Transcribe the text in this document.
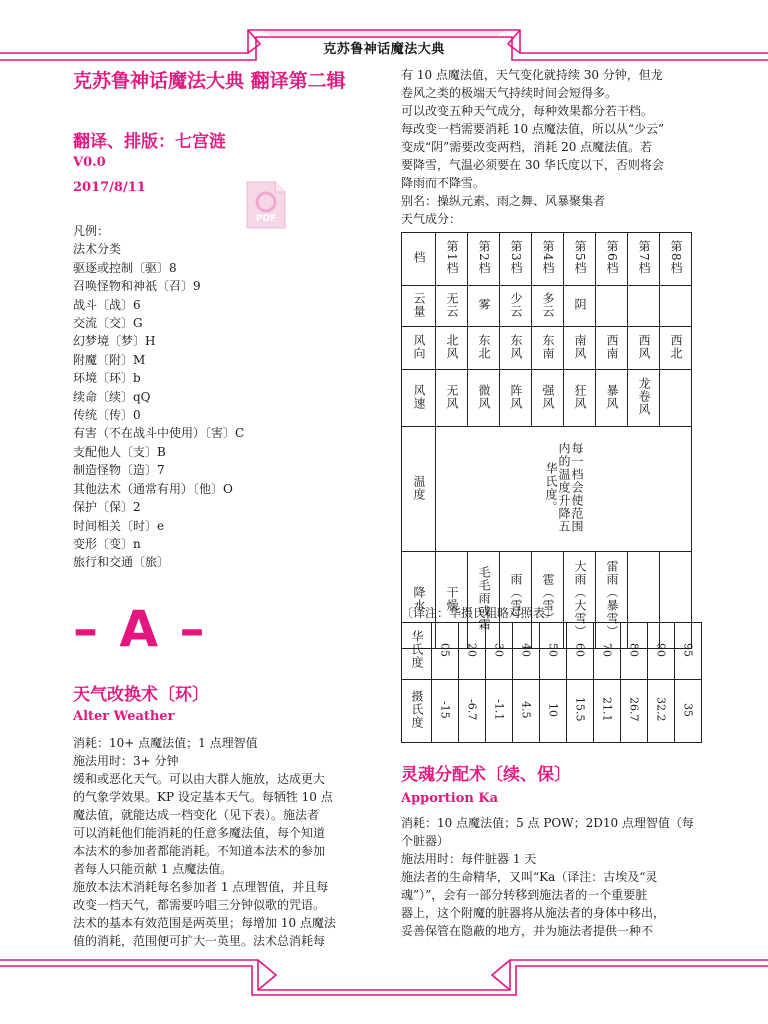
克苏鲁神话魔法大典
克苏鲁神话魔法大典 翻译第二辑
翻译、排版：七宫涟
V0.0
2017/8/11
PDF
凡例：
法术分类
驱逐或控制〔驱〕8
召唤怪物和神祇〔召〕9
战斗〔战〕6
交流〔交〕G
幻梦境〔梦〕H
附魔〔附〕M
环境〔环〕b
续命〔续〕qQ
传统〔传〕0
有害（不在战斗中使用）〔害〕C
支配他人〔支〕B
制造怪物〔造〕7
其他法术（通常有用）〔他〕O
保护〔保〕2
时间相关〔时〕e
变形〔变〕n
旅行和交通〔旅〕
– A –
天气改换术〔环〕
Alter Weather
消耗：10+ 点魔法值；1 点理智值
施法用时：3+ 分钟
缓和或恶化天气。可以由大群人施放，达成更大
的气象学效果。KP 设定基本天气。每牺牲 10 点
魔法值，就能达成一档变化（见下表）。施法者
可以消耗他们能消耗的任意多魔法值，每个知道
本法术的参加者都能消耗。不知道本法术的参加
者每人只能贡献 1 点魔法值。
施放本法术消耗每名参加者 1 点理智值，并且每
改变一档天气，都需要吟唱三分钟似歌的咒语。
法术的基本有效范围是两英里；每增加 10 点魔法
值的消耗，范围便可扩大一英里。法术总消耗每
有 10 点魔法值，天气变化就持续 30 分钟，但龙
卷风之类的极端天气持续时间会短得多。
可以改变五种天气成分，每种效果都分若干档。
每改变一档需要消耗 10 点魔法值，所以从“少云”
变成“阴”需要改变两档，消耗 20 点魔法值。若
要降雪，气温必须要在 30 华氏度以下，否则将会
降雨而不降雪。
别名：操纵元素、雨之舞、风暴聚集者
天气成分：
档	第1档	第2档	第3档	第4档	第5档	第6档	第7档	第8档
云量	无云	雾	少云	多云	阴			
风向	北风	东北	东风	东南	南风	西南	西风	西北
风速	无风	微风	阵风	强风	狂风	暴风	龙卷风	
温度	每一档会使范围内的温度升降五华氏度。							
降水	干燥	毛毛雨或霜	雨（雪）	雹（雪）	大雨（大雪）	雷雨（暴雪）		
〔译注：华摄氏粗略对照表〕
华氏度	05	20	30	40	50	60	70	80	90	95
摄氏度	-15	-6.7	-1.1	4.5	10	15.5	21.1	26.7	32.2	35
灵魂分配术〔续、保〕
Apportion Ka
消耗：10 点魔法值；5 点 POW；2D10 点理智值（每
个脏器）
施法用时：每件脏器 1 天
施法者的生命精华，又叫“Ka（译注：古埃及“灵
魂”）”，会有一部分转移到施法者的一个重要脏
器上，这个附魔的脏器将从施法者的身体中移出，
妥善保管在隐蔽的地方，并为施法者提供一种不
